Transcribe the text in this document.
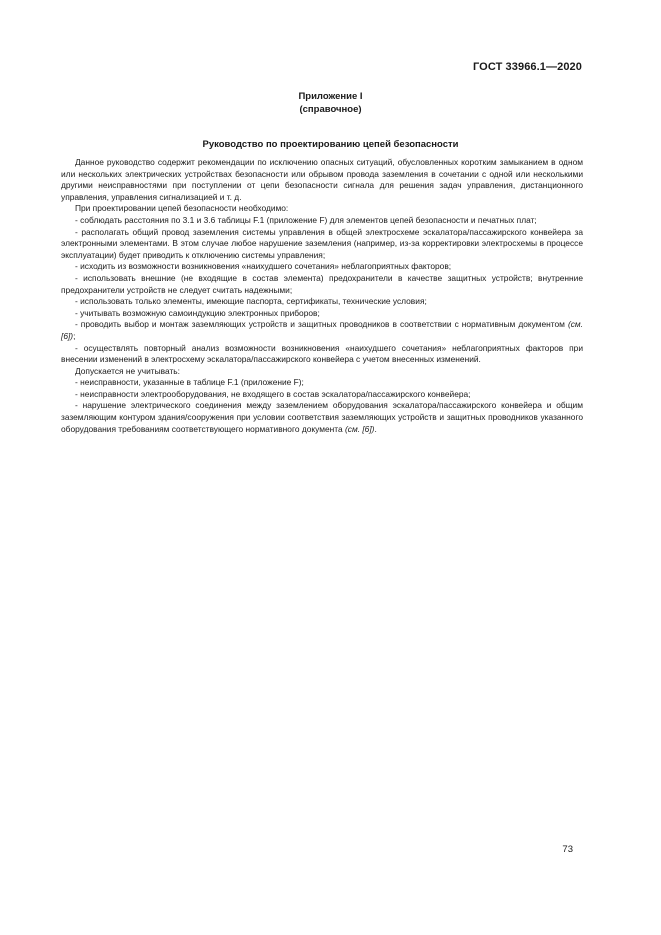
ГОСТ 33966.1—2020
Приложение I
(справочное)
Руководство по проектированию цепей безопасности

Данное руководство содержит рекомендации по исключению опасных ситуаций, обусловленных коротким замыканием в одном или нескольких электрических устройствах безопасности или обрывом провода заземления в сочетании с одной или несколькими другими неисправностями при поступлении от цепи безопасности сигнала для решения задач управления, дистанционного управления, управления сигнализацией и т. д.

При проектировании цепей безопасности необходимо:

- соблюдать расстояния по 3.1 и 3.6 таблицы F.1 (приложение F) для элементов цепей безопасности и печатных плат;

- располагать общий провод заземления системы управления в общей электросхеме эскалатора/пассажирского конвейера за электронными элементами. В этом случае любое нарушение заземления (например, из-за корректировки электросхемы в процессе эксплуатации) будет приводить к отключению системы управления;

- исходить из возможности возникновения «наихудшего сочетания» неблагоприятных факторов;

- использовать внешние (не входящие в состав элемента) предохранители в качестве защитных устройств; внутренние предохранители устройств не следует считать надежными;

- использовать только элементы, имеющие паспорта, сертификаты, технические условия;

- учитывать возможную самоиндукцию электронных приборов;

- проводить выбор и монтаж заземляющих устройств и защитных проводников в соответствии с нормативным документом (см. [6]);

- осуществлять повторный анализ возможности возникновения «наихудшего сочетания» неблагоприятных факторов при внесении изменений в электросхему эскалатора/пассажирского конвейера с учетом внесенных изменений.

Допускается не учитывать:

- неисправности, указанные в таблице F.1 (приложение F);

- неисправности электрооборудования, не входящего в состав эскалатора/пассажирского конвейера;

- нарушение электрического соединения между заземлением оборудования эскалатора/пассажирского конвейера и общим заземляющим контуром здания/сооружения при условии соответствия заземляющих устройств и защитных проводников указанного оборудования требованиям соответствующего нормативного документа (см. [6]).

73
